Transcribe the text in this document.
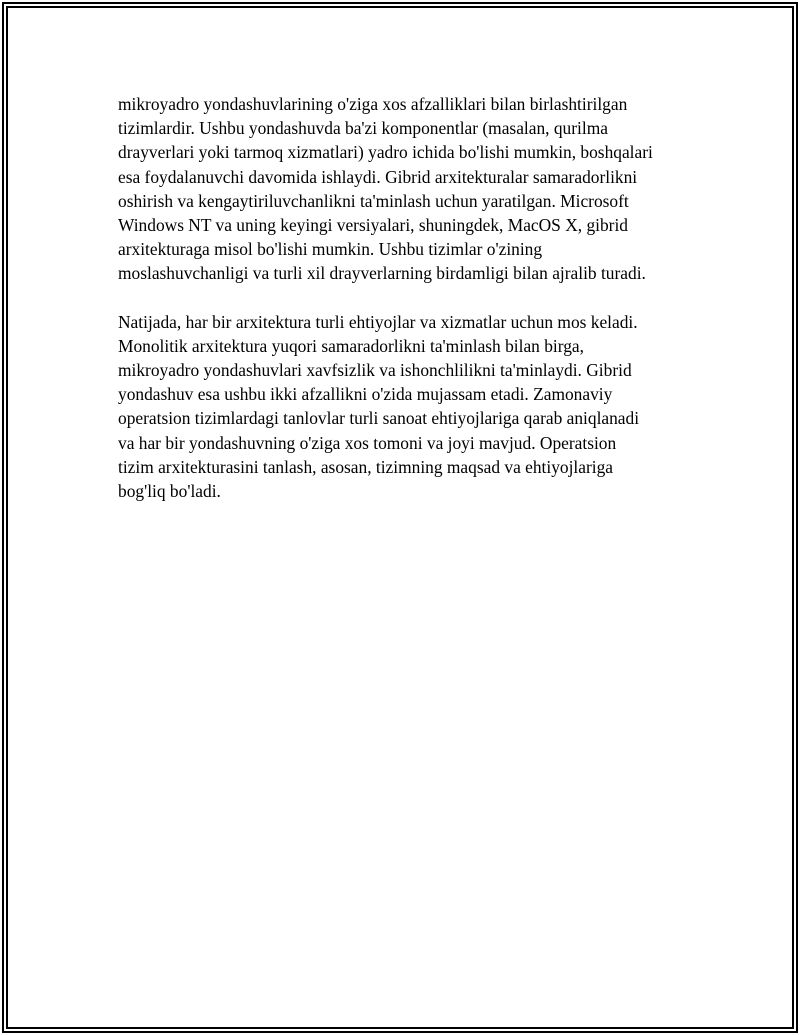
mikroyadro yondashuvlarining o'ziga xos afzalliklari bilan birlashtirilgan
tizimlardir. Ushbu yondashuvda ba'zi komponentlar (masalan, qurilma
drayverlari yoki tarmoq xizmatlari) yadro ichida bo'lishi mumkin, boshqalari
esa foydalanuvchi davomida ishlaydi. Gibrid arxitekturalar samaradorlikni
oshirish va kengaytiriluvchanlikni ta'minlash uchun yaratilgan. Microsoft
Windows NT va uning keyingi versiyalari, shuningdek, MacOS X, gibrid
arxitekturaga misol bo'lishi mumkin. Ushbu tizimlar o'zining
moslashuvchanligi va turli xil drayverlarning birdamligi bilan ajralib turadi.

Natijada, har bir arxitektura turli ehtiyojlar va xizmatlar uchun mos keladi.
Monolitik arxitektura yuqori samaradorlikni ta'minlash bilan birga,
mikroyadro yondashuvlari xavfsizlik va ishonchlilikni ta'minlaydi. Gibrid
yondashuv esa ushbu ikki afzallikni o'zida mujassam etadi. Zamonaviy
operatsion tizimlardagi tanlovlar turli sanoat ehtiyojlariga qarab aniqlanadi
va har bir yondashuvning o'ziga xos tomoni va joyi mavjud. Operatsion
tizim arxitekturasini tanlash, asosan, tizimning maqsad va ehtiyojlariga
bog'liq bo'ladi.
